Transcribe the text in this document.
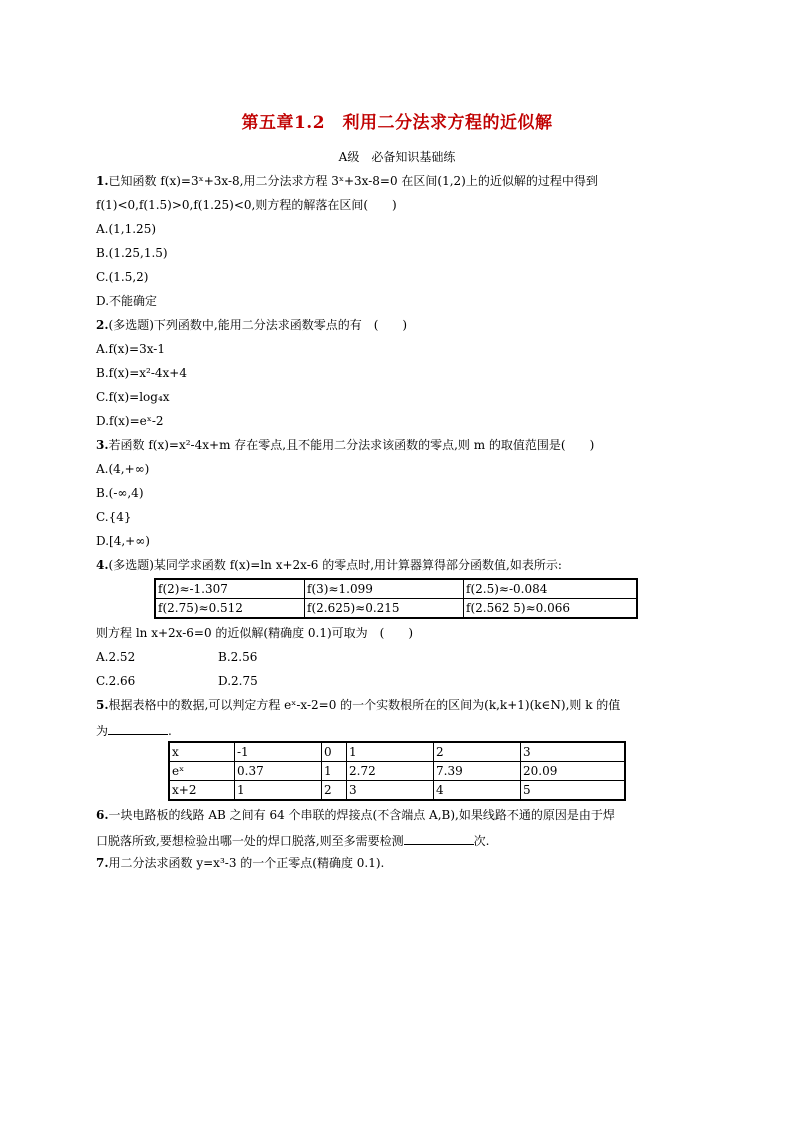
第五章1.2　利用二分法求方程的近似解
A级　必备知识基础练
1.已知函数 f(x)=3ˣ+3x-8,用二分法求方程 3ˣ+3x-8=0 在区间(1,2)上的近似解的过程中得到
f(1)<0,f(1.5)>0,f(1.25)<0,则方程的解落在区间(　　)
A.(1,1.25)
B.(1.25,1.5)
C.(1.5,2)
D.不能确定
2.(多选题)下列函数中,能用二分法求函数零点的有　(　　)
A.f(x)=3x-1
B.f(x)=x²-4x+4
C.f(x)=log₄x
D.f(x)=eˣ-2
3.若函数 f(x)=x²-4x+m 存在零点,且不能用二分法求该函数的零点,则 m 的取值范围是(　　)
A.(4,+∞)
B.(-∞,4)
C.{4}
D.[4,+∞)
4.(多选题)某同学求函数 f(x)=ln x+2x-6 的零点时,用计算器算得部分函数值,如表所示:
f(2)≈-1.307	f(3)≈1.099	f(2.5)≈-0.084
f(2.75)≈0.512	f(2.625)≈0.215	f(2.562 5)≈0.066
则方程 ln x+2x-6=0 的近似解(精确度 0.1)可取为　(　　)
A.2.52	B.2.56
C.2.66	D.2.75
5.根据表格中的数据,可以判定方程 eˣ-x-2=0 的一个实数根所在的区间为(k,k+1)(k∈N),则 k 的值
为	.
x	-1	0	1	2	3
eˣ	0.37	1	2.72	7.39	20.09
x+2	1	2	3	4	5
6.一块电路板的线路 AB 之间有 64 个串联的焊接点(不含端点 A,B),如果线路不通的原因是由于焊
口脱落所致,要想检验出哪一处的焊口脱落,则至多需要检测	次.
7.用二分法求函数 y=x³-3 的一个正零点(精确度 0.1).
